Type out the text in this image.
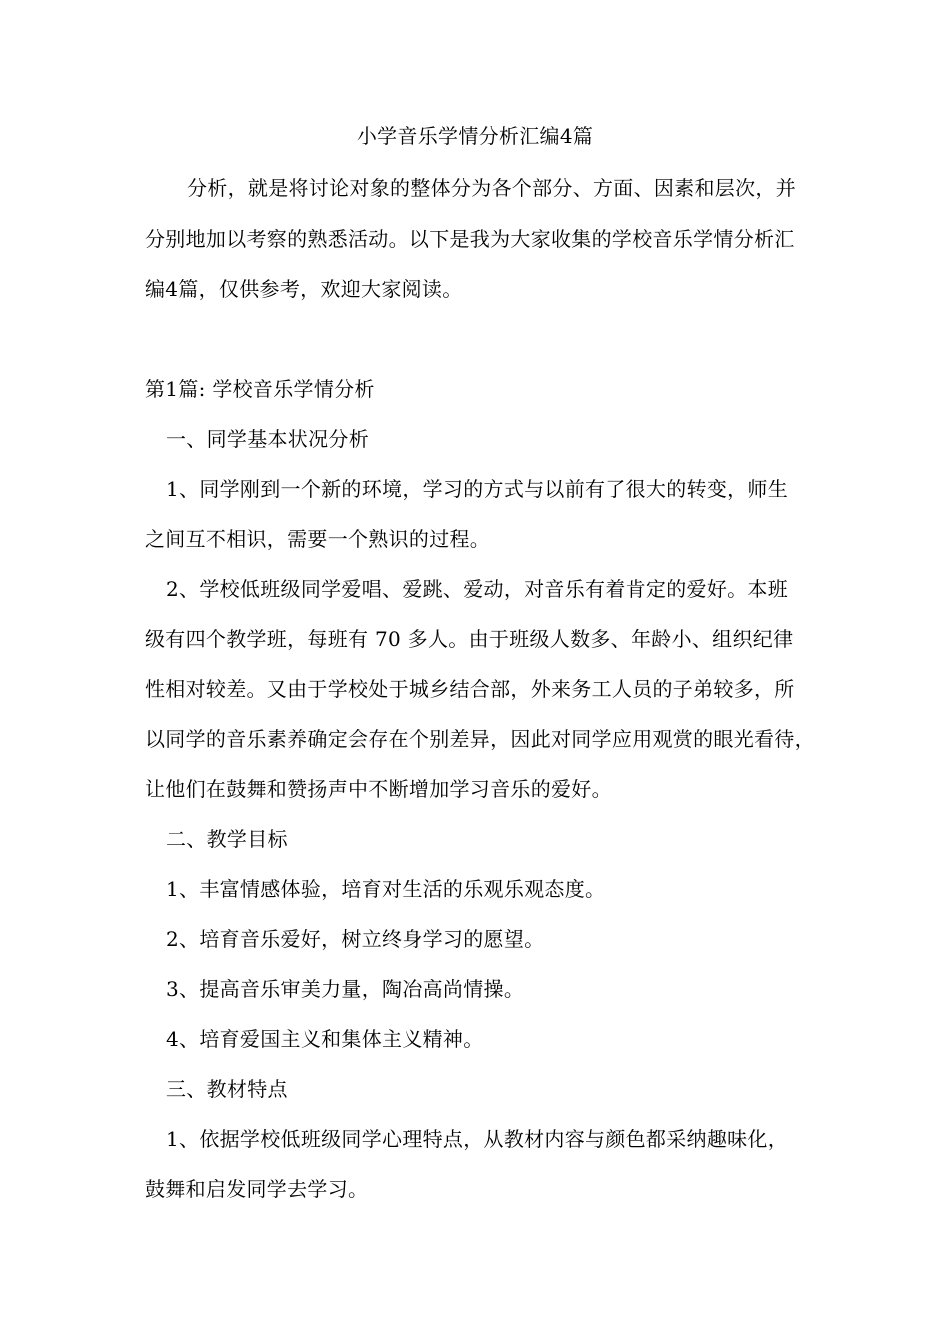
小学音乐学情分析汇编4篇
分析，就是将讨论对象的整体分为各个部分、方面、因素和层次，并
分别地加以考察的熟悉活动。以下是我为大家收集的学校音乐学情分析汇
编4篇，仅供参考，欢迎大家阅读。
第1篇: 学校音乐学情分析
一、同学基本状况分析
1、同学刚到一个新的环境，学习的方式与以前有了很大的转变，师生
之间互不相识，需要一个熟识的过程。
2、学校低班级同学爱唱、爱跳、爱动，对音乐有着肯定的爱好。本班
级有四个教学班，每班有 70 多人。由于班级人数多、年龄小、组织纪律
性相对较差。又由于学校处于城乡结合部，外来务工人员的子弟较多，所
以同学的音乐素养确定会存在个别差异，因此对同学应用观赏的眼光看待，
让他们在鼓舞和赞扬声中不断增加学习音乐的爱好。
二、教学目标
1、丰富情感体验，培育对生活的乐观乐观态度。
2、培育音乐爱好，树立终身学习的愿望。
3、提高音乐审美力量，陶冶高尚情操。
4、培育爱国主义和集体主义精神。
三、教材特点
1、依据学校低班级同学心理特点，从教材内容与颜色都采纳趣味化，
鼓舞和启发同学去学习。
